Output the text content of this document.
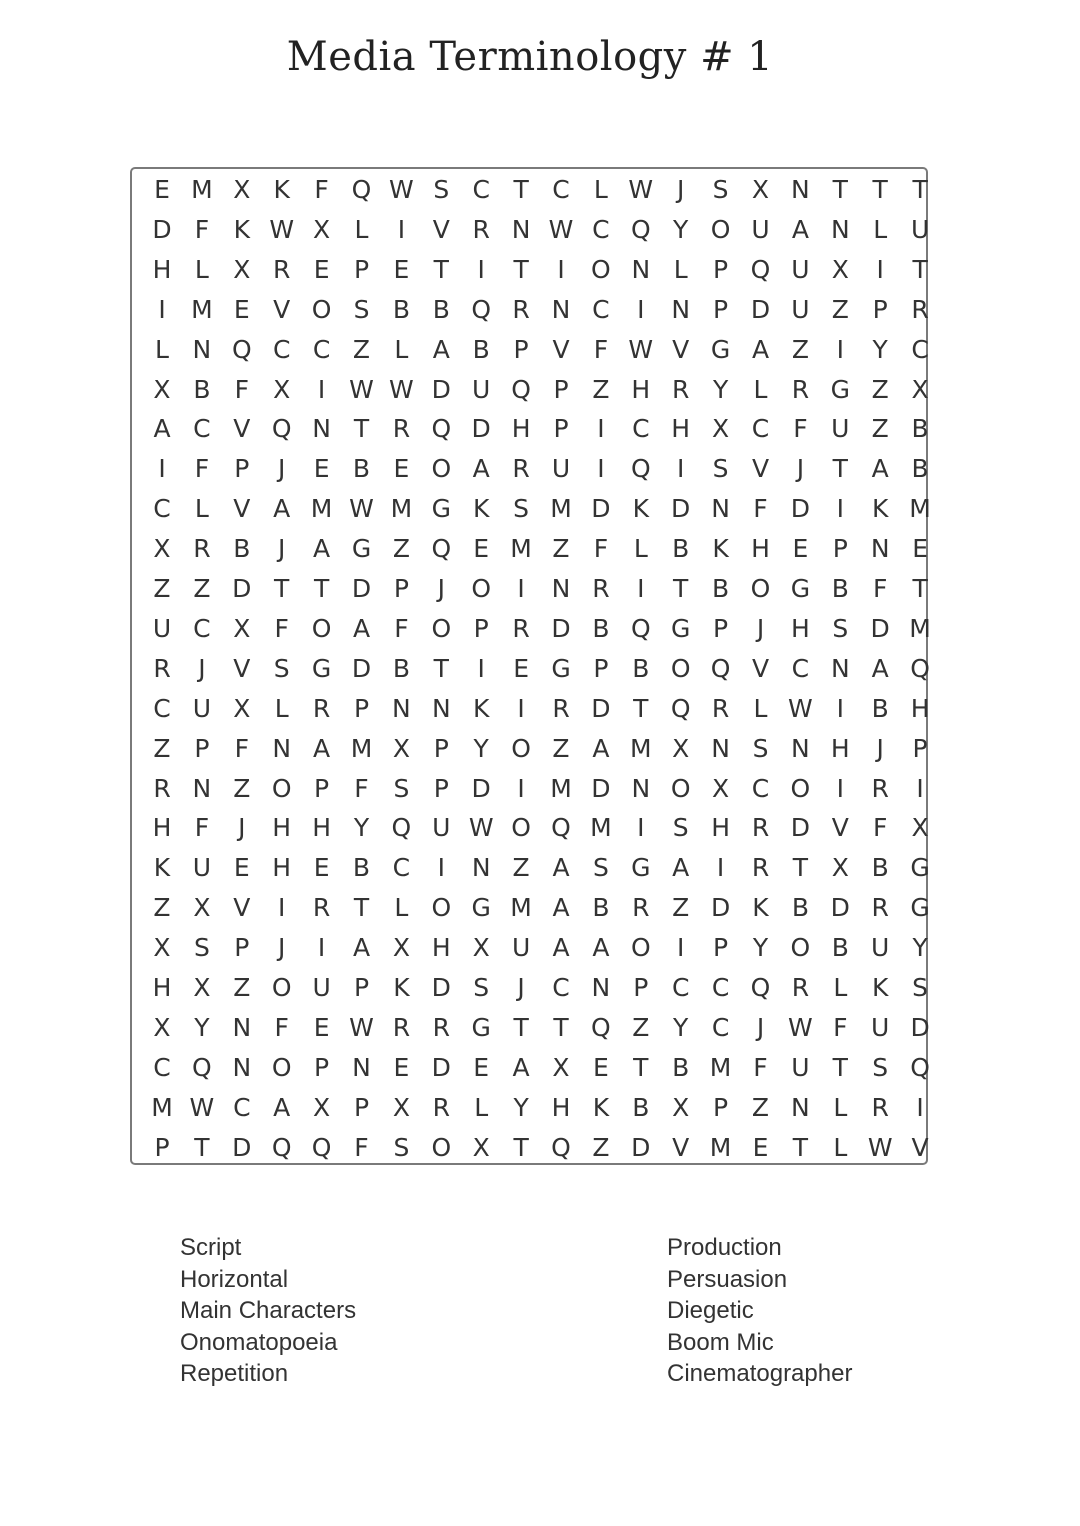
Media Terminology # 1
E M X K F Q W S C T C L W J	S X N T T T
D F K W X L	I	V R N W C Q Y O U A N L U
H L X R E P E T	I	T	I	O N L	P Q U X	I	T
I	M E V O S B B Q R N C	I	N P D U Z P R
L N Q C C Z L A B P V F W V G A Z	I	Y C
X B F X	I W W D U Q P Z H R Y	L R G Z X
A C V Q N T R Q D H P	I	C H X C F U Z B
I	F	P	J	E B E O A R U	I	Q	I	S V	J	T A B
C L V A M W M G K S M D K D N F D	I	K M
X R B	J	A G Z Q E M Z F	L B K H E P N E
Z Z D T T D P	J	O	I	N R	I	T B O G B F	T
U C X F O A F O P R D B Q G P	J	H S D M
R	J	V S G D B T	I	E G P B O Q V C N A Q
C U X L R P N N K	I	R D T Q R L W I	B H
Z P	F N A M X P Y O Z A M X N S N H	J	P
R N Z O P	F S P D	I	M D N O X C O	I	R	I
H F	J	H H Y Q U W O Q M	I	S H R D V F X
K U E H E B C	I	N Z A S G A	I	R T X B G
Z X V	I	R T	L O G M A B R Z D K B D R G
X S P	J	I	A X H X U A A O	I	P Y O B U Y
H X Z O U P K D S	J	C N P C C Q R L K S
X Y N F E W R R G T T Q Z Y C	J W F U D
C Q N O P N E D E A X E T B M F U T S Q
M W C A X P X R L	Y H K B X P Z N L R	I
P T D Q Q F S O X T Q Z D V M E T	L W V
Script
Horizontal
Main Characters
Onomatopoeia
Repetition
Production
Persuasion
Diegetic
Boom Mic
Cinematographer
